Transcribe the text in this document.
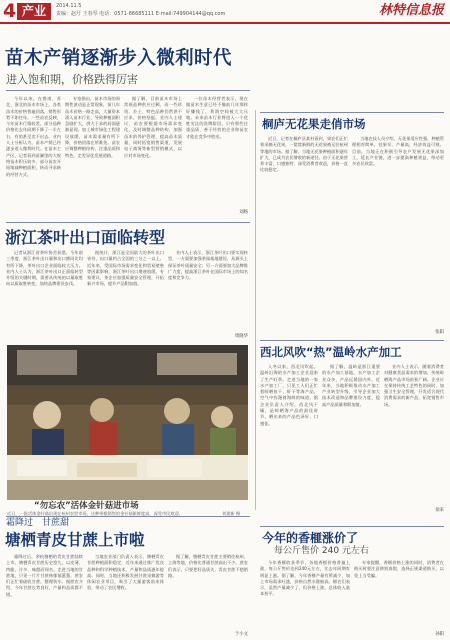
4 产业	2014.11.5
责编：赵圩 王春琴 电话：0571-86685111 E-mail:749904144@qq.com	林特信息报
苗木产销逐渐步入微利时代
进入饱和期，价格跌得厉害

今年以来，在鲁南、苏北、浙北的苗木市场上，各类苗木的价格普遍回落，销售形势不如往年。一些苗农反映，今年苗木行情较差，部分品种价格比去年同期下降了一半左右，有的甚至卖不出去。业内人士分析认为，苗木产销已经逐步进入微利时代。在苗木主产区，记者看到苗圃里的大规格苗木积压较多，部分苗农开始缩减种植面积，转而寻求新的经营方式。

专家指出，苗木市场的周期性波动是正常现象，前几年苗木价格一路走高，大量资本涌入苗木行业，导致种植面积急剧扩大，供大于求的局面逐渐显现。加上城市绿化工程建设放缓，苗木需求量有所下降，价格回落在所难免。苗农应调整种植结构，注重品质和特色，走差异化发展道路。

据了解，目前苗木市场上常规品种供应过剩，而一些珍贵、乡土、特色品种仍然供不应求，价格坚挺。业内人士建议，苗农要根据市场需求变化，及时调整品种结构，加强苗木的养护管理，提高苗木质量，同时拓宽销售渠道，发展电子商务等新型营销模式，以应对市场变化。

一位苗木经营者表示，现在做苗木生意已经不像前几年那样好赚钱了，利润空间被大大压缩。未来苗木行业将进入一个优胜劣汰的洗牌阶段，只有那些注重品质、善于经营的企业和苗农才能在竞争中胜出。

刘杨
浙江茶叶出口面临转型

记者从浙江省茶叶协会获悉，今年前三季度，浙江茶叶出口量和出口额同比均有所下降，茶叶出口企业面临较大压力。业内人士认为，浙江茶叶出口正面临转型升级的关键时期，需要从传统的以量取胜向以质取胜转变，加快品牌建设步伐。

据统计，浙江是全国最大的茶叶出口省份，出口量约占全国的三分之一以上。近年来，受国际市场需求变化和贸易壁垒等因素影响，浙江茶叶出口增速放缓。专家建议，茶企应加强质量安全管理，开拓新兴市场，提升产品附加值。

业内人士表示，浙江茶叶出口要实现转型，一方面要加强茶园基地建设，从源头上保证茶叶质量安全；另一方面要加大品牌推广力度，提高浙江茶叶在国际市场上的知名度和竞争力。

周晓华
“勿忘农”活体金针菇进市场
近日，一批活体金针菇出现在杭州农贸市场，这种带根销售的金针菇新鲜度高，深受市民欢迎。	刘建新 摄
桐庐无花果走俏市场

近日，记者在桐庐县某村看到，果农们正忙着采摘无花果，一筐筐新鲜的无花果被运往杭州等地的市场。据了解，当地无花果种植面积逐年扩大，已成为农民增收的新途径。由于无花果营养丰富、口感独特，深受消费者欢迎，价格一直比较稳定。

当地农技人员介绍，无花果适应性强，种植管理相对简单，挂果早、产量高，经济效益可观。目前，当地正在积极引导农户发展无花果深加工，延长产业链，进一步提高种植效益，带动更多农民致富。

张阳
西北风吹“热”温岭水产加工

入冬以来，西北风吹起，温岭沿海的水产加工企业迎来了生产旺季。走进当地的一家水产加工厂，只见工人们正忙着晾晒鱼干、虾干等海产品，空气中弥漫着海鲜的味道。据企业负责人介绍，西北风干燥，是晾晒海产品的最佳时节，晒出来的产品色泽好、口感佳。

据了解，温岭是浙江重要的水产加工基地，水产加工企业众多，产品远销国内外。近年来，当地积极推动水产加工产业转型升级，引导企业加大技术改造和品牌建设力度，提高产品质量和附加值。

业内人士表示，随着消费者对健康食品需求的增加，传统晾晒海产品市场前景广阔。企业应在保持传统工艺特色的同时，加强卫生安全管理，开发适合现代消费需求的新产品，拓宽销售市场。

徐来
霜降过　甘蔗甜
塘栖青皮甘蔗上市啦

霜降过后，余杭塘栖的青皮甘蔗陆续上市。塘栖青皮甘蔗历史悠久，以皮薄、肉脆、汁多、味甜而闻名。走进当地的甘蔗地，只见一片片甘蔗林郁郁葱葱，蔗农们正忙着砍收甘蔗，整理装车。据蔗农介绍，今年甘蔗长势良好，产量和品质都不错。

当地农业部门负责人表示，塘栖青皮甘蔗种植面积稳定，近年来通过推广优良品种和科学种植技术，产量和品质逐年提高。同时，当地还积极发展甘蔗采摘游等休闲农业项目，吸引了大量游客前来体验，带动了农民增收。

据了解，塘栖青皮甘蔗主要销往杭州、上海等地，价格比普通甘蔗高出不少。蔗农们表示，只要把好品质关，青皮甘蔗不愁销路。

于小文
今年的香榧涨价了
每公斤售价 240 元左右

今年香榧收获季节，各地香榧价格普遍上涨，每公斤售价达到240元左右，比去年同期有明显上涨。据了解，今年香榧产量有所减少，加上市场需求旺盛，价格自然水涨船高。榧农们表示，虽然产量减少了，但价格上涨，总体收入基本持平。

专家提醒，香榧价格上涨的同时，消费者在购买时要注意辨别真假，选择正规渠道购买，以免上当受骗。

孙阳
